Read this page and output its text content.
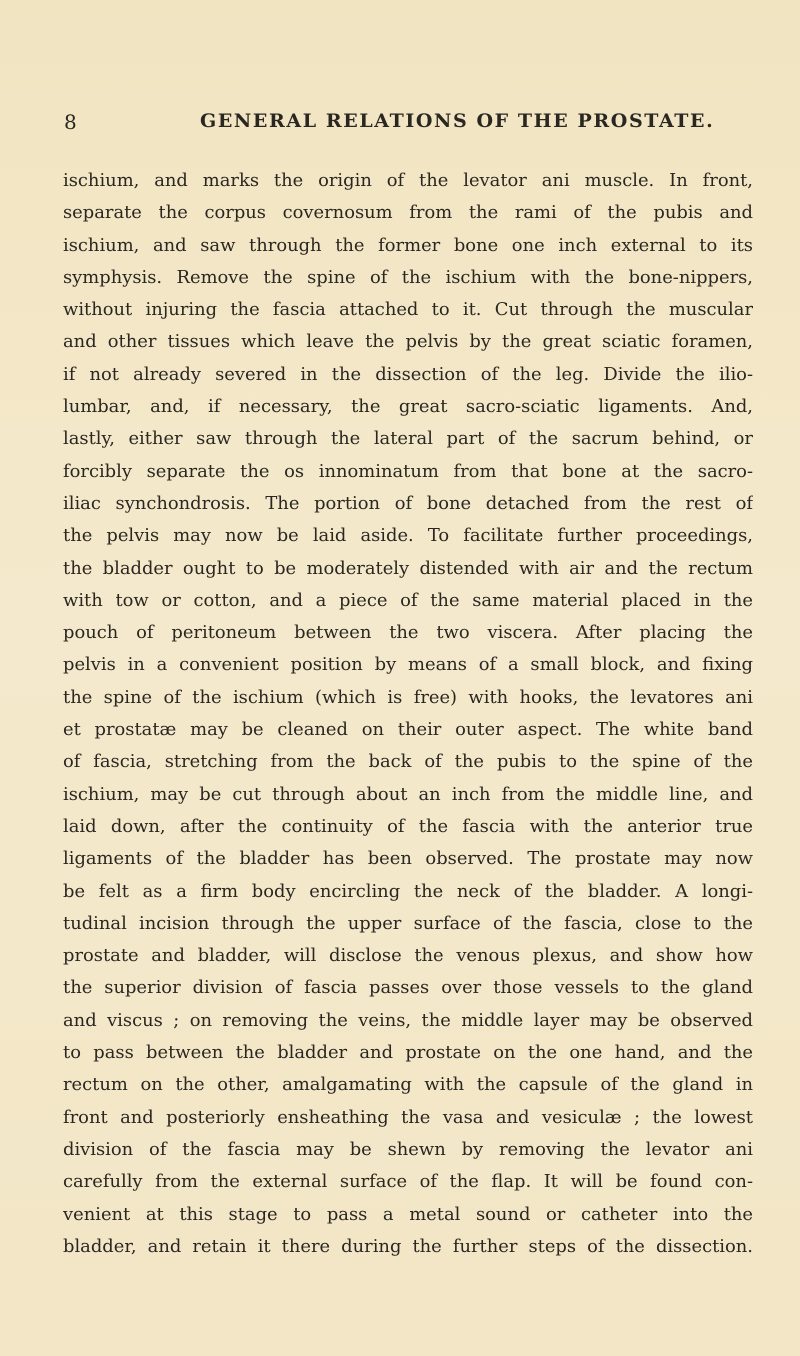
8	GENERAL RELATIONS OF THE PROSTATE.
ischium, and marks the origin of the levator ani muscle. In front,
separate the corpus covernosum from the rami of the pubis and
ischium, and saw through the former bone one inch external to its
symphysis. Remove the spine of the ischium with the bone-nippers,
without injuring the fascia attached to it. Cut through the muscular
and other tissues which leave the pelvis by the great sciatic foramen,
if not already severed in the dissection of the leg. Divide the ilio-
lumbar, and, if necessary, the great sacro-sciatic ligaments. And,
lastly, either saw through the lateral part of the sacrum behind, or
forcibly separate the os innominatum from that bone at the sacro-
iliac synchondrosis. The portion of bone detached from the rest of
the pelvis may now be laid aside. To facilitate further proceedings,
the bladder ought to be moderately distended with air and the rectum
with tow or cotton, and a piece of the same material placed in the
pouch of peritoneum between the two viscera. After placing the
pelvis in a convenient position by means of a small block, and fixing
the spine of the ischium (which is free) with hooks, the levatores ani
et prostatæ may be cleaned on their outer aspect. The white band
of fascia, stretching from the back of the pubis to the spine of the
ischium, may be cut through about an inch from the middle line, and
laid down, after the continuity of the fascia with the anterior true
ligaments of the bladder has been observed. The prostate may now
be felt as a firm body encircling the neck of the bladder. A longi-
tudinal incision through the upper surface of the fascia, close to the
prostate and bladder, will disclose the venous plexus, and show how
the superior division of fascia passes over those vessels to the gland
and viscus ; on removing the veins, the middle layer may be observed
to pass between the bladder and prostate on the one hand, and the
rectum on the other, amalgamating with the capsule of the gland in
front and posteriorly ensheathing the vasa and vesiculæ ; the lowest
division of the fascia may be shewn by removing the levator ani
carefully from the external surface of the flap. It will be found con-
venient at this stage to pass a metal sound or catheter into the
bladder, and retain it there during the further steps of the dissection.
